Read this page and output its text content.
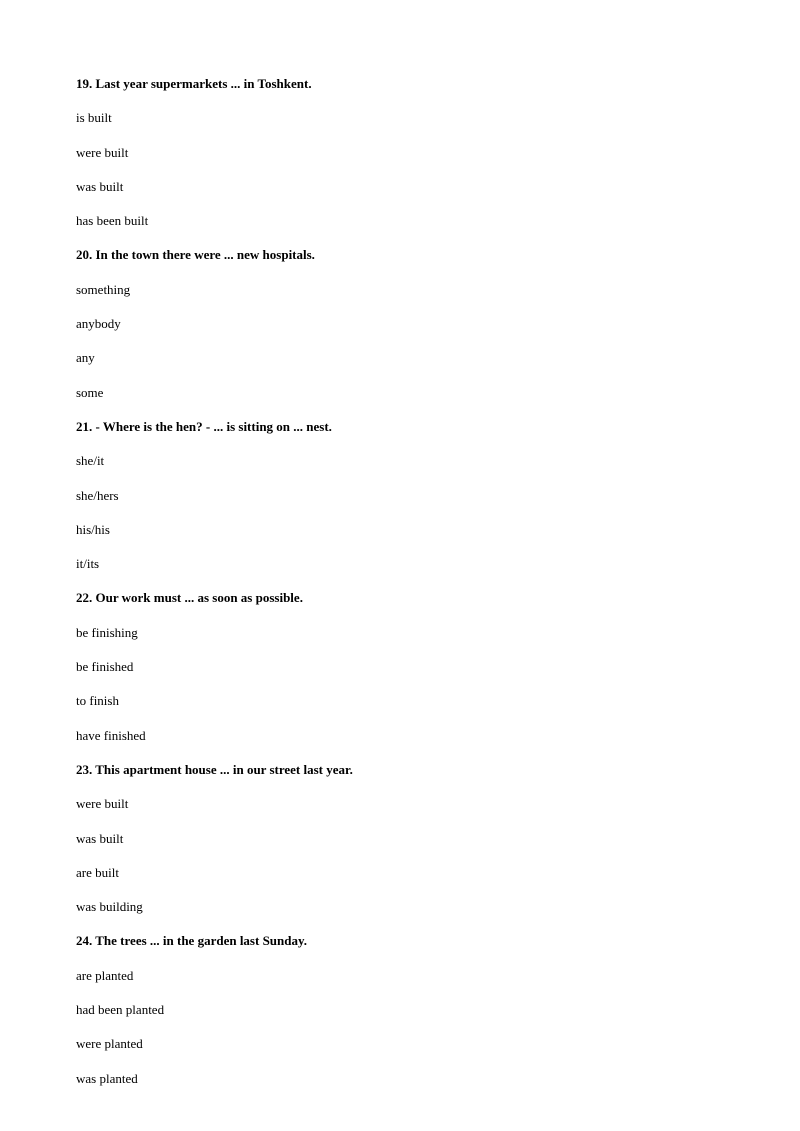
19. Last year supermarkets ... in Toshkent.
is built
were built
was built
has been built
20. In the town there were ... new hospitals.
something
anybody
any
some
21. - Where is the hen? - ... is sitting on ... nest.
she/it
she/hers
his/his
it/its
22. Our work must ... as soon as possible.
be finishing
be finished
to finish
have finished
23. This apartment house ... in our street last year.
were built
was built
are built
was building
24. The trees ... in the garden last Sunday.
are planted
had been planted
were planted
was planted
